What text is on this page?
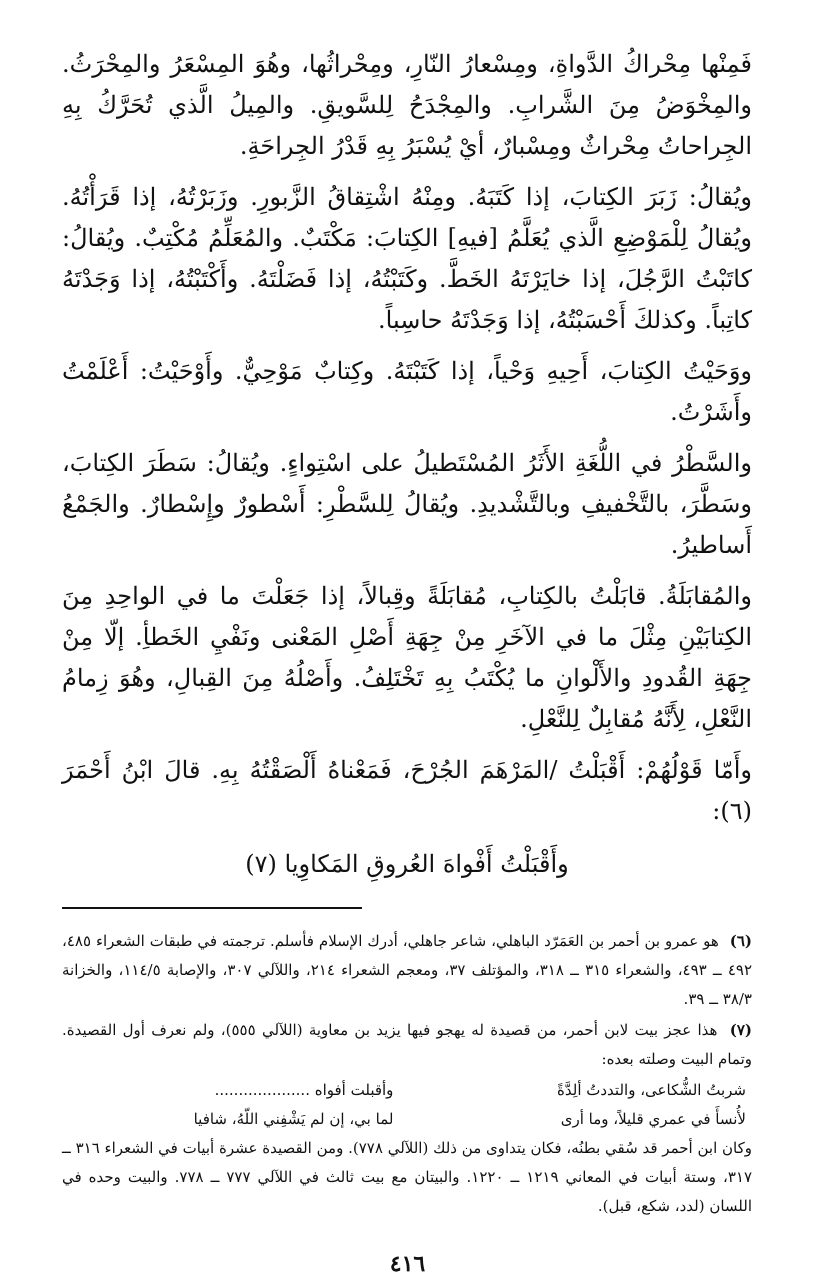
فَمِنْها مِحْراكُ الدَّواةِ، ومِسْعارُ النّارِ، ومِحْراثُها، وهُوَ المِسْعَرُ والمِحْرَثُ. والمِخْوَضُ مِنَ الشَّرابِ. والمِجْدَحُ لِلسَّويقِ. والمِيلُ الَّذي تُحَرَّكُ بِهِ الجِراحاتُ مِحْراثٌ ومِسْبارٌ، أيْ يُسْبَرُ بِهِ قَدْرُ الجِراحَةِ.

ويُقالُ: زَبَرَ الكِتابَ، إذا كَتَبَهُ. ومِنْهُ اشْتِقاقُ الزَّبورِ. وزَبَرْتُهُ، إذا قَرَأْتُهُ. ويُقالُ لِلْمَوْضِعِ الَّذي يُعَلَّمُ [فيهِ] الكِتابَ: مَكْتَبٌ. والمُعَلِّمُ مُكْتِبٌ. ويُقالُ: كاتَبْتُ الرَّجُلَ، إذا خايَرْتَهُ الخَطَّ. وكَتَبْتُهُ، إذا فَضَلْتَهُ. وأَكْتَبْتُهُ، إذا وَجَدْتَهُ كاتِباً. وكذلكَ أَحْسَبْتُهُ، إذا وَجَدْتَهُ حاسِباً.

ووَحَيْتُ الكِتابَ، أَحِيهِ وَحْياً، إذا كَتَبْتَهُ. وكِتابٌ مَوْحِيٌّ. وأَوْحَيْتُ: أَعْلَمْتُ وأَشَرْتُ.

والسَّطْرُ في اللُّغَةِ الأَثَرُ المُسْتَطيلُ على اسْتِواءٍ. ويُقالُ: سَطَرَ الكِتابَ، وسَطَّرَ، بالتَّخْفيفِ وبالتَّشْديدِ. ويُقالُ لِلسَّطْرِ: أَسْطورٌ وإِسْطارٌ. والجَمْعُ أَساطيرُ.

والمُقابَلَةُ. قابَلْتُ بالكِتابِ، مُقابَلَةً وقِبالاً، إذا جَعَلْتَ ما في الواحِدِ مِنَ الكِتابَيْنِ مِثْلَ ما في الآخَرِ مِنْ جِهَةِ أَصْلِ المَعْنى ونَفْيِ الخَطأِ. إلّا مِنْ جِهَةِ القُدودِ والأَلْوانِ ما يُكْتَبُ بِهِ تَخْتَلِفُ. وأَصْلُهُ مِنَ القِبالِ، وهُوَ زِمامُ النَّعْلِ، لِأَنَّهُ مُقابِلٌ لِلنَّعْلِ.

وأَمّا قَوْلُهُمْ: أَقْبَلْتُ /المَرْهَمَ الجُرْحَ، فَمَعْناهُ أَلْصَقْتُهُ بِهِ. قالَ ابْنُ أَحْمَرَ (٦):

وأَقْبَلْتُ أَفْواهَ العُروقِ المَكاوِيا (٧)

(٦) هو عمرو بن أحمر بن العَمَرّد الباهلي، شاعر جاهلي، أدرك الإسلام فأسلم. ترجمته في طبقات الشعراء ٤٨٥، ٤٩٢ ــ ٤٩٣، والشعراء ٣١٥ ــ ٣١٨، والمؤتلف ٣٧، ومعجم الشعراء ٢١٤، واللآلي ٣٠٧، والإصابة ١١٤/٥، والخزانة ٣٨/٣ ــ ٣٩.

(٧) هذا عجز بيت لابن أحمر، من قصيدة له يهجو فيها يزيد بن معاوية (اللآلي ٥٥٥)، ولم نعرف أول القصيدة. وتمام البيت وصلته بعده:

شربتُ الشُّكاعى، والتددتُ ألِدَّةً
وأقبلت أفواه ....................
لأُنسأَ في عمري قليلاً، وما أرى
لما بي، إن لم يَشْفِني اللّهُ، شافيا

وكان ابن أحمر قد سُقي بطنُه، فكان يتداوى من ذلك (اللآلي ٧٧٨). ومن القصيدة عشرة أبيات في الشعراء ٣١٦ ــ ٣١٧، وستة أبيات في المعاني ١٢١٩ ــ ١٢٢٠. والبيتان مع بيت ثالث في اللآلي ٧٧٧ ــ ٧٧٨. والبيت وحده في اللسان (لدد، شكع، قبل).

٤١٦
